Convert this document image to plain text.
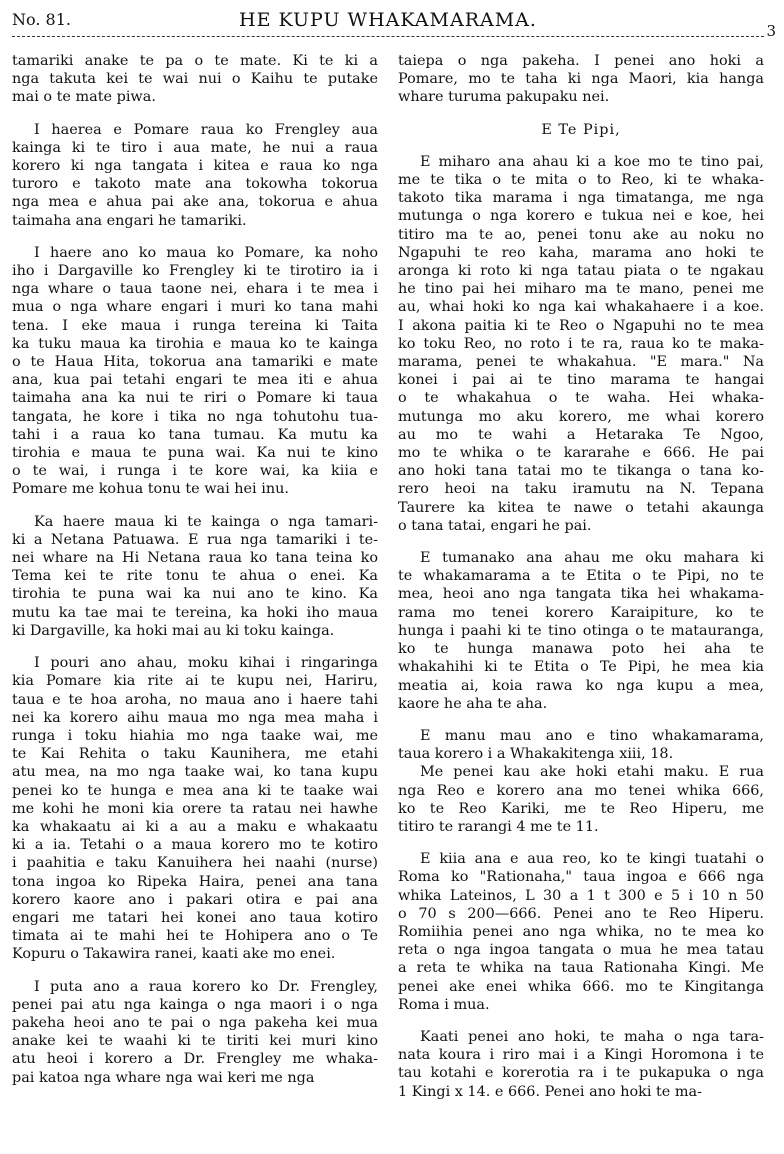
No. 81.	HE KUPU WHAKAMARAMA.	3
tamariki anake te pa o te mate. Ki te ki a
nga takuta kei te wai nui o Kaihu te putake
mai o te mate piwa.
I haerea e Pomare raua ko Frengley aua
kainga ki te tiro i aua mate, he nui a raua
korero ki nga tangata i kitea e raua ko nga
turoro e takoto mate ana tokowha tokorua
nga mea e ahua pai ake ana, tokorua e ahua
taimaha ana engari he tamariki.
I haere ano ko maua ko Pomare, ka noho
iho i Dargaville ko Frengley ki te tirotiro ia i
nga whare o taua taone nei, ehara i te mea i
mua o nga whare engari i muri ko tana mahi
tena. I eke maua i runga tereina ki Taita
ka tuku maua ka tirohia e maua ko te kainga
o te Haua Hita, tokorua ana tamariki e mate
ana, kua pai tetahi engari te mea iti e ahua
taimaha ana ka nui te riri o Pomare ki taua
tangata, he kore i tika no nga tohutohu tua-
tahi i a raua ko tana tumau. Ka mutu ka
tirohia e maua te puna wai. Ka nui te kino
o te wai, i runga i te kore wai, ka kiia e
Pomare me kohua tonu te wai hei inu.
Ka haere maua ki te kainga o nga tamari-
ki a Netana Patuawa. E rua nga tamariki i te-
nei whare na Hi Netana raua ko tana teina ko
Tema kei te rite tonu te ahua o enei. Ka
tirohia te puna wai ka nui ano te kino. Ka
mutu ka tae mai te tereina, ka hoki iho maua
ki Dargaville, ka hoki mai au ki toku kainga.
I pouri ano ahau, moku kihai i ringaringa
kia Pomare kia rite ai te kupu nei, Hariru,
taua e te hoa aroha, no maua ano i haere tahi
nei ka korero aihu maua mo nga mea maha i
runga i toku hiahia mo nga taake wai, me
te Kai Rehita o taku Kaunihera, me etahi
atu mea, na mo nga taake wai, ko tana kupu
penei ko te hunga e mea ana ki te taake wai
me kohi he moni kia orere ta ratau nei hawhe
ka whakaatu ai ki a au a maku e whakaatu
ki a ia. Tetahi o a maua korero mo te kotiro
i paahitia e taku Kanuihera hei naahi (nurse)
tona ingoa ko Ripeka Haira, penei ana tana
korero kaore ano i pakari otira e pai ana
engari me tatari hei konei ano taua kotiro
timata ai te mahi hei te Hohipera ano o Te
Kopuru o Takawira ranei, kaati ake mo enei.
I puta ano a raua korero ko Dr. Frengley,
penei pai atu nga kainga o nga maori i o nga
pakeha heoi ano te pai o nga pakeha kei mua
anake kei te waahi ki te tiriti kei muri kino
atu heoi i korero a Dr. Frengley me whaka-
pai katoa nga whare nga wai keri me nga
taiepa o nga pakeha. I penei ano hoki a
Pomare, mo te taha ki nga Maori, kia hanga
whare turuma pakupaku nei.
E Te Pipi,
E miharo ana ahau ki a koe mo te tino pai,
me te tika o te mita o to Reo, ki te whaka-
takoto tika marama i nga timatanga, me nga
mutunga o nga korero e tukua nei e koe, hei
titiro ma te ao, penei tonu ake au noku no
Ngapuhi te reo kaha, marama ano hoki te
aronga ki roto ki nga tatau piata o te ngakau
he tino pai hei miharo ma te mano, penei me
au, whai hoki ko nga kai whakahaere i a koe.
I akona paitia ki te Reo o Ngapuhi no te mea
ko toku Reo, no roto i te ra, raua ko te maka-
marama, penei te whakahua. "E mara." Na
konei i pai ai te tino marama te hangai
o te whakahua o te waha. Hei whaka-
mutunga mo aku korero, me whai korero
au mo te wahi a Hetaraka Te Ngoo,
mo te whika o te kararahe e 666. He pai
ano hoki tana tatai mo te tikanga o tana ko-
rero heoi na taku iramutu na N. Tepana
Taurere ka kitea te nawe o tetahi akaunga
o tana tatai, engari he pai.
E tumanako ana ahau me oku mahara ki
te whakamarama a te Etita o te Pipi, no te
mea, heoi ano nga tangata tika hei whakama-
rama mo tenei korero Karaipiture, ko te
hunga i paahi ki te tino otinga o te matauranga,
ko te hunga manawa poto hei aha te
whakahihi ki te Etita o Te Pipi, he mea kia
meatia ai, koia rawa ko nga kupu a mea,
kaore he aha te aha.
E manu mau ano e tino whakamarama,
taua korero i a Whakakitenga xiii, 18.
Me penei kau ake hoki etahi maku. E rua
nga Reo e korero ana mo tenei whika 666,
ko te Reo Kariki, me te Reo Hiperu, me
titiro te rarangi 4 me te 11.
E kiia ana e aua reo, ko te kingi tuatahi o
Roma ko "Rationaha," taua ingoa e 666 nga
whika Lateinos, L 30 a 1 t 300 e 5 i 10 n 50
o 70 s 200—666. Penei ano te Reo Hiperu.
Romiihia penei ano nga whika, no te mea ko
reta o nga ingoa tangata o mua he mea tatau
a reta te whika na taua Rationaha Kingi. Me
penei ake enei whika 666. mo te Kingitanga
Roma i mua.
Kaati penei ano hoki, te maha o nga tara-
nata koura i riro mai i a Kingi Horomona i te
tau kotahi e korerotia ra i te pukapuka o nga
1 Kingi x 14. e 666. Penei ano hoki te ma-
